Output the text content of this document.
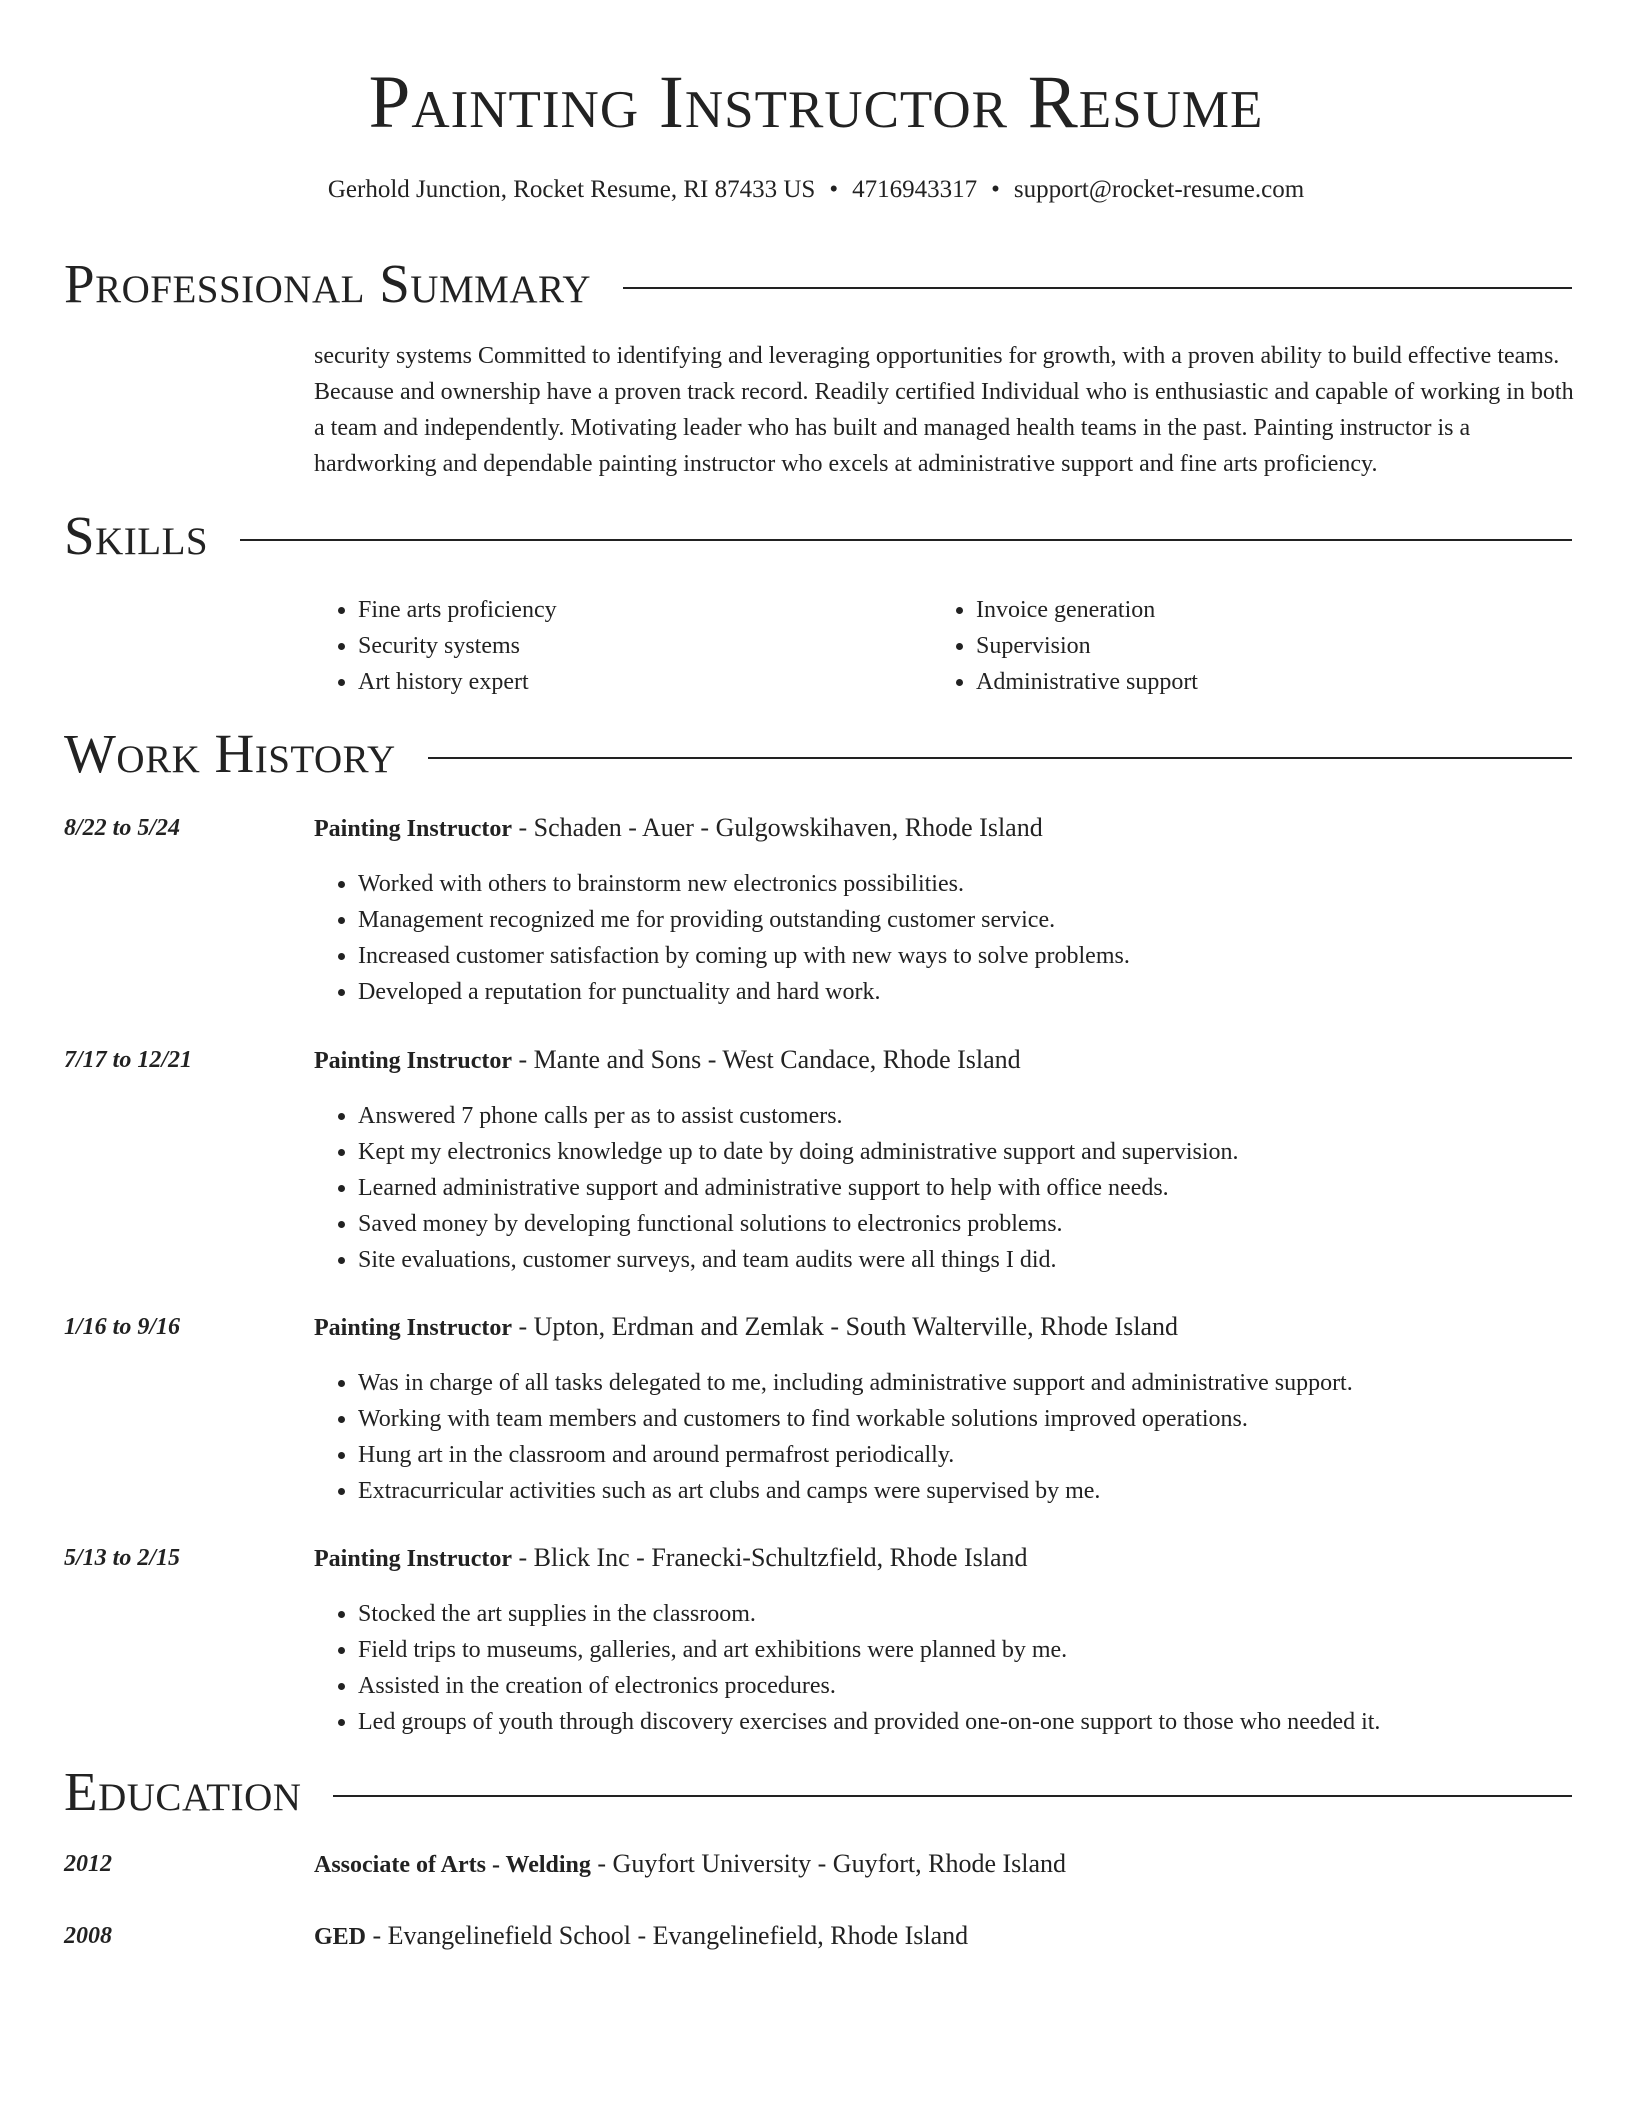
Painting Instructor Resume
Gerhold Junction, Rocket Resume, RI 87433 US • 4716943317 • support@rocket-resume.com
Professional Summary

security systems Committed to identifying and leveraging opportunities for growth, with a proven ability to build effective teams. Because and ownership have a proven track record. Readily certified Individual who is enthusiastic and capable of working in both a team and independently. Motivating leader who has built and managed health teams in the past. Painting instructor is a hardworking and dependable painting instructor who excels at administrative support and fine arts proficiency.

Skills
• Fine arts proficiency
• Security systems
• Art history expert
• Invoice generation
• Supervision
• Administrative support
Work History
8/22 to 5/24	Painting Instructor - Schaden - Auer - Gulgowskihaven, Rhode Island
• Worked with others to brainstorm new electronics possibilities.
• Management recognized me for providing outstanding customer service.
• Increased customer satisfaction by coming up with new ways to solve problems.
• Developed a reputation for punctuality and hard work.
7/17 to 12/21	Painting Instructor - Mante and Sons - West Candace, Rhode Island
• Answered 7 phone calls per as to assist customers.
• Kept my electronics knowledge up to date by doing administrative support and supervision.
• Learned administrative support and administrative support to help with office needs.
• Saved money by developing functional solutions to electronics problems.
• Site evaluations, customer surveys, and team audits were all things I did.
1/16 to 9/16	Painting Instructor - Upton, Erdman and Zemlak - South Walterville, Rhode Island
• Was in charge of all tasks delegated to me, including administrative support and administrative support.
• Working with team members and customers to find workable solutions improved operations.
• Hung art in the classroom and around permafrost periodically.
• Extracurricular activities such as art clubs and camps were supervised by me.
5/13 to 2/15	Painting Instructor - Blick Inc - Franecki-Schultzfield, Rhode Island
• Stocked the art supplies in the classroom.
• Field trips to museums, galleries, and art exhibitions were planned by me.
• Assisted in the creation of electronics procedures.
• Led groups of youth through discovery exercises and provided one-on-one support to those who needed it.
Education
2012	Associate of Arts - Welding - Guyfort University - Guyfort, Rhode Island
2008	GED - Evangelinefield School - Evangelinefield, Rhode Island
